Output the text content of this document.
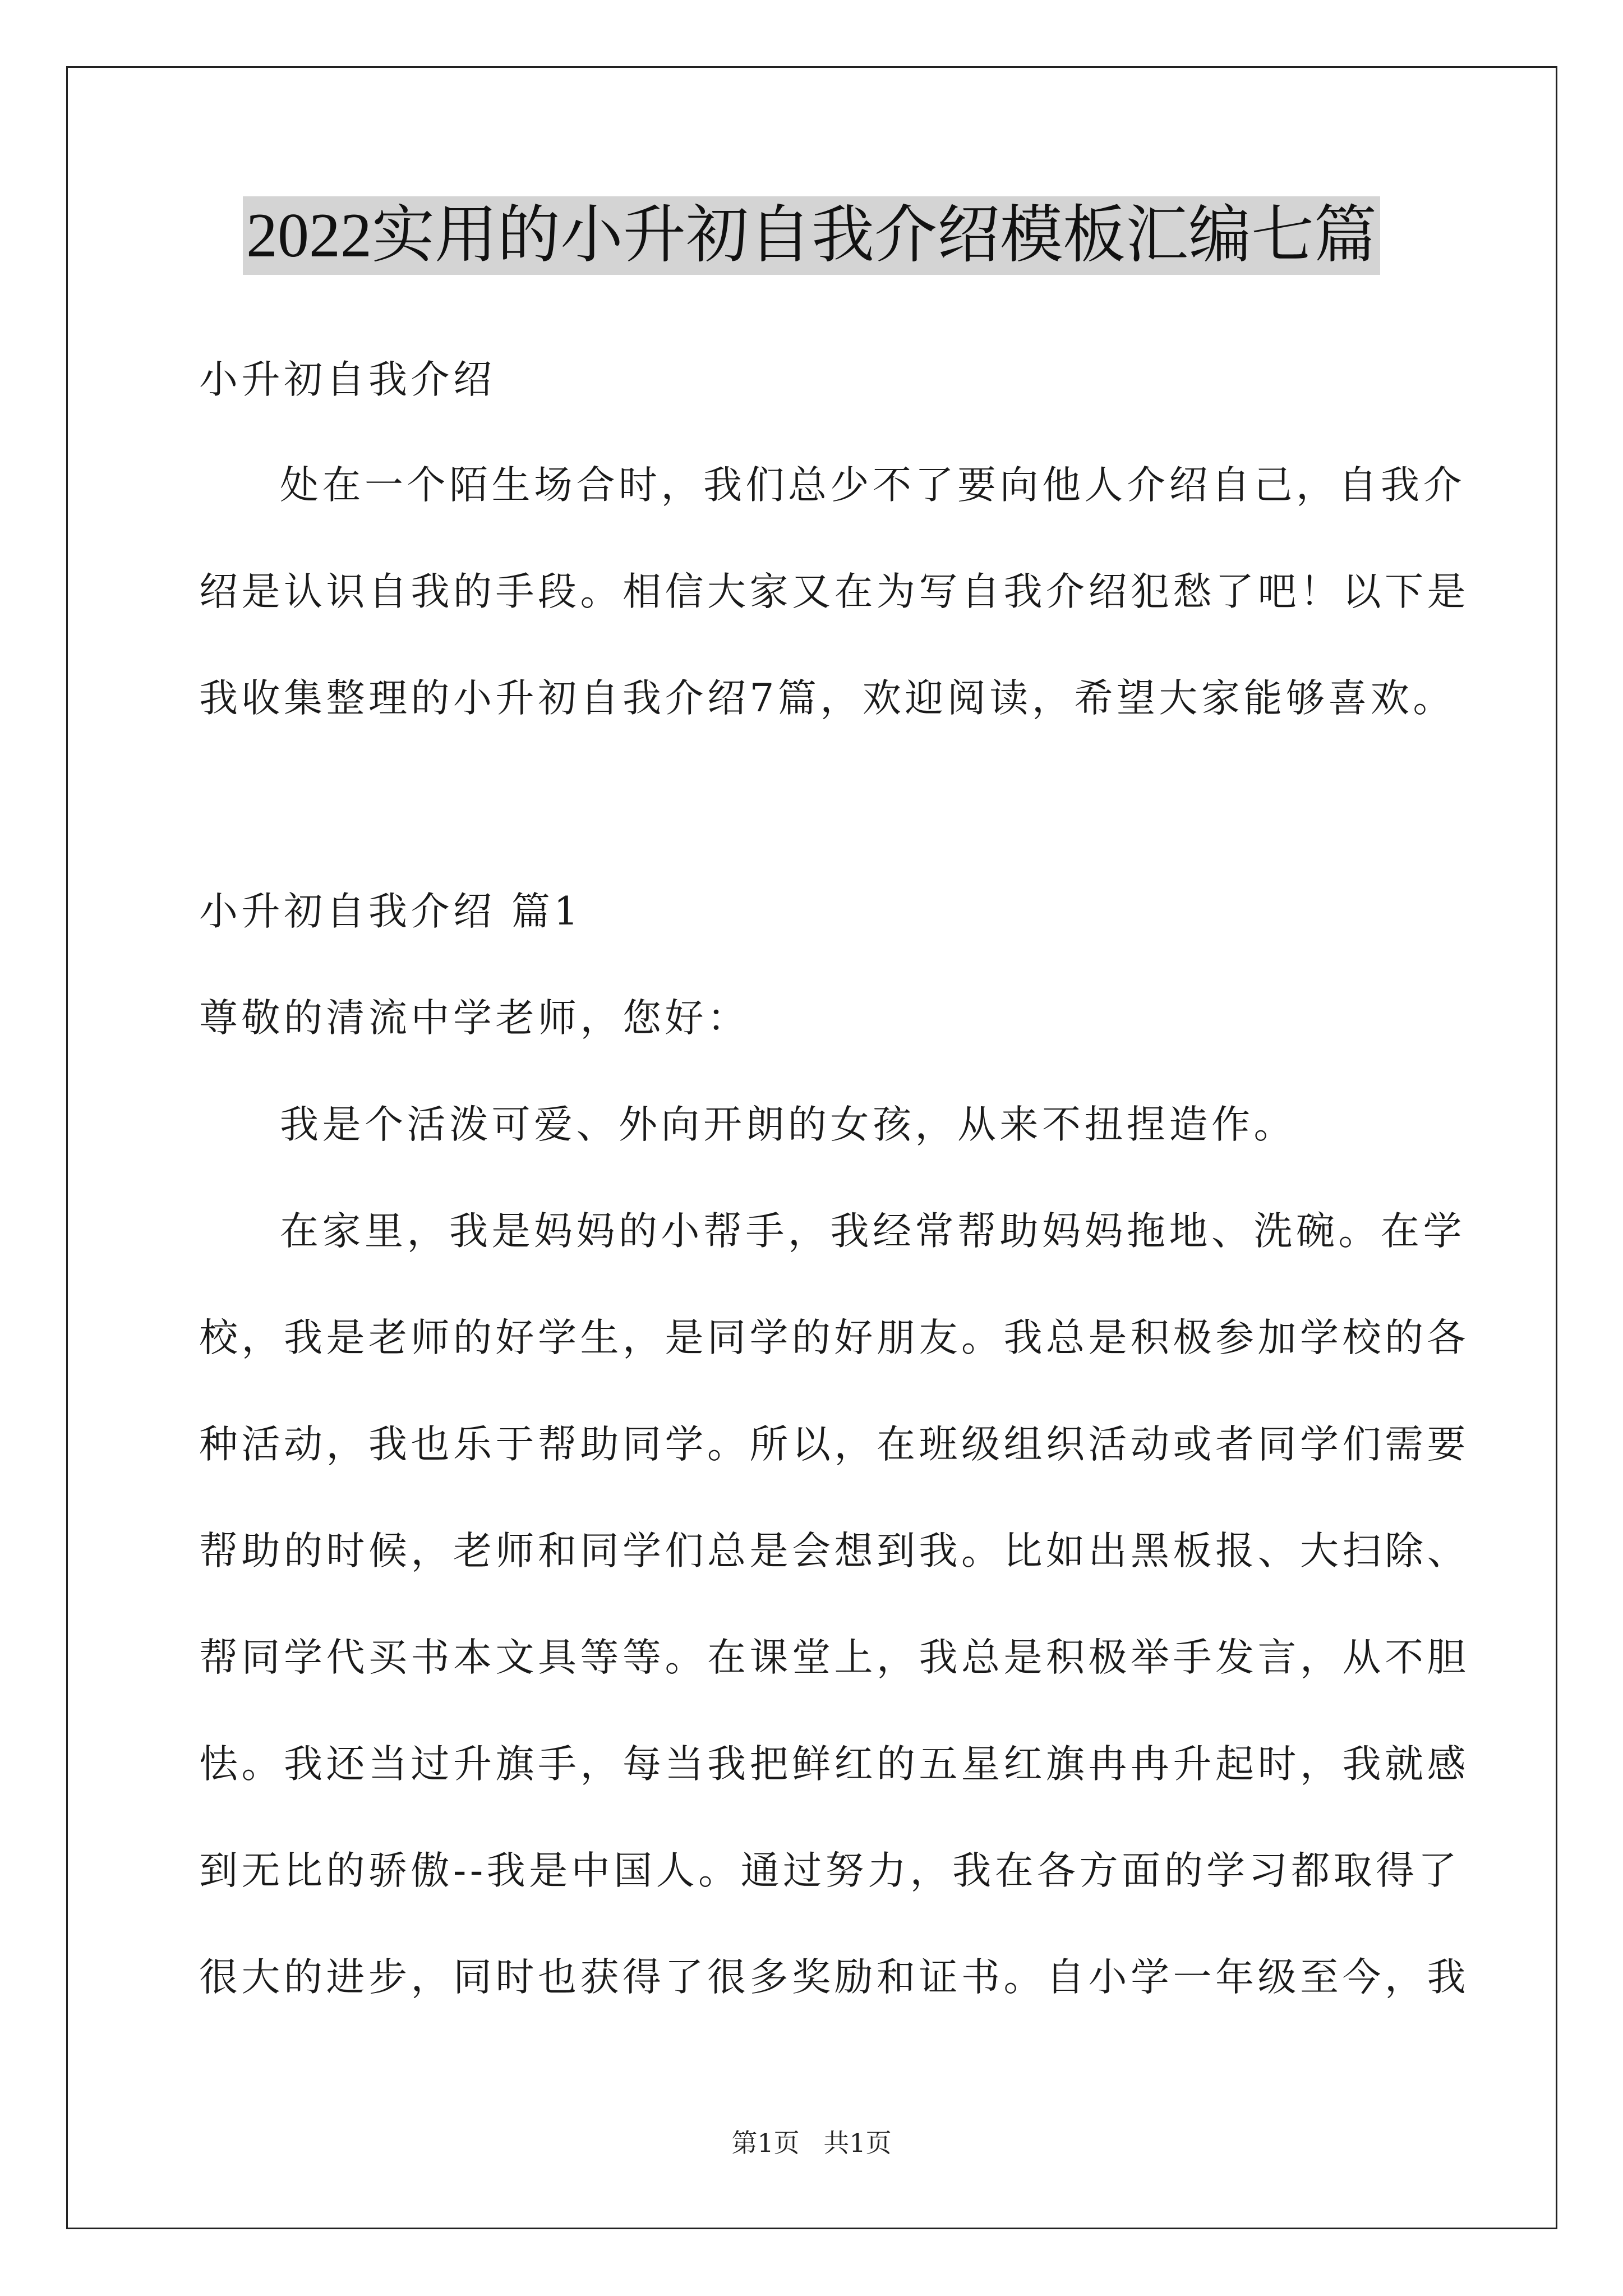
2022实用的小升初自我介绍模板汇编七篇
小升初自我介绍
处在一个陌生场合时，我们总少不了要向他人介绍自己，自我介
绍是认识自我的手段。相信大家又在为写自我介绍犯愁了吧！以下是
我收集整理的小升初自我介绍7篇，欢迎阅读，希望大家能够喜欢。
小升初自我介绍 篇1
尊敬的清流中学老师，您好：
我是个活泼可爱、外向开朗的女孩，从来不扭捏造作。
在家里，我是妈妈的小帮手，我经常帮助妈妈拖地、洗碗。在学
校，我是老师的好学生，是同学的好朋友。我总是积极参加学校的各
种活动，我也乐于帮助同学。所以，在班级组织活动或者同学们需要
帮助的时候，老师和同学们总是会想到我。比如出黑板报、大扫除、
帮同学代买书本文具等等。在课堂上，我总是积极举手发言，从不胆
怯。我还当过升旗手，每当我把鲜红的五星红旗冉冉升起时，我就感
到无比的骄傲--我是中国人。通过努力，我在各方面的学习都取得了
很大的进步，同时也获得了很多奖励和证书。自小学一年级至今，我
第1页 共1页
